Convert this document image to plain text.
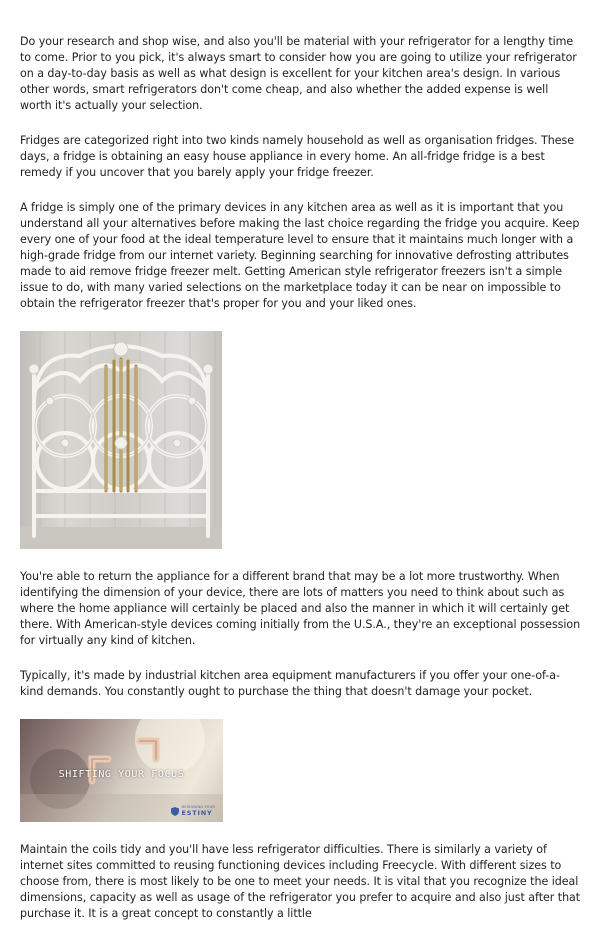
Do your research and shop wise, and also you'll be material with your refrigerator for a lengthy time to come. Prior to you pick, it's always smart to consider how you are going to utilize your refrigerator on a day-to-day basis as well as what design is excellent for your kitchen area's design. In various other words, smart refrigerators don't come cheap, and also whether the added expense is well worth it's actually your selection.

Fridges are categorized right into two kinds namely household as well as organisation fridges. These days, a fridge is obtaining an easy house appliance in every home. An all-fridge fridge is a best remedy if you uncover that you barely apply your fridge freezer.

A fridge is simply one of the primary devices in any kitchen area as well as it is important that you understand all your alternatives before making the last choice regarding the fridge you acquire. Keep every one of your food at the ideal temperature level to ensure that it maintains much longer with a high-grade fridge from our internet variety. Beginning searching for innovative defrosting attributes made to aid remove fridge freezer melt. Getting American style refrigerator freezers isn't a simple issue to do, with many varied selections on the marketplace today it can be near on impossible to obtain the refrigerator freezer that's proper for you and your liked ones.

You're able to return the appliance for a different brand that may be a lot more trustworthy. When identifying the dimension of your device, there are lots of matters you need to think about such as where the home appliance will certainly be placed and also the manner in which it will certainly get there. With American-style devices coming initially from the U.S.A., they're an exceptional possession for virtually any kind of kitchen.

Typically, it's made by industrial kitchen area equipment manufacturers if you offer your one-of-a-kind demands. You constantly ought to purchase the thing that doesn't damage your pocket.

SHIFTING YOUR FOCUS
DESIGNING YOUR
ESTINY

Maintain the coils tidy and you'll have less refrigerator difficulties. There is similarly a variety of internet sites committed to reusing functioning devices including Freecycle. With different sizes to choose from, there is most likely to be one to meet your needs. It is vital that you recognize the ideal dimensions, capacity as well as usage of the refrigerator you prefer to acquire and also just after that purchase it. It is a great concept to constantly a little
